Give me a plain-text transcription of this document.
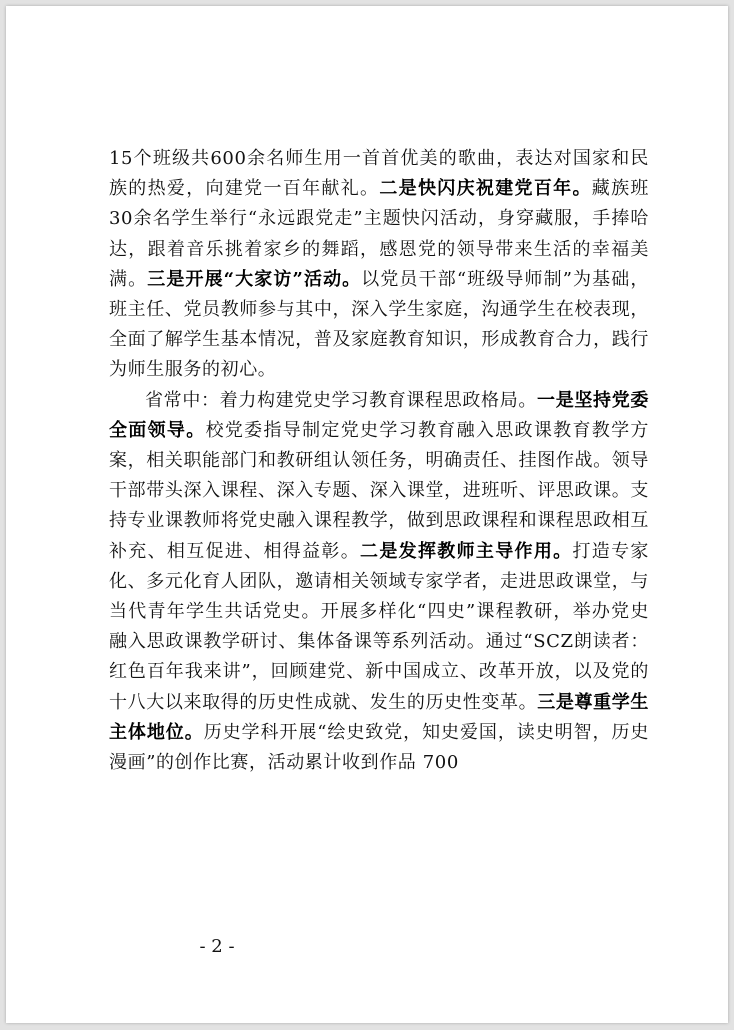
15个班级共600余名师生用一首首优美的歌曲，表达对国家和民族的热爱，向建党一百年献礼。二是快闪庆祝建党百年。藏族班30余名学生举行“永远跟党走”主题快闪活动，身穿藏服，手捧哈达，跟着音乐挑着家乡的舞蹈，感恩党的领导带来生活的幸福美满。三是开展“大家访”活动。以党员干部“班级导师制”为基础，班主任、党员教师参与其中，深入学生家庭，沟通学生在校表现，全面了解学生基本情况，普及家庭教育知识，形成教育合力，践行为师生服务的初心。

省常中：着力构建党史学习教育课程思政格局。一是坚持党委全面领导。校党委指导制定党史学习教育融入思政课教育教学方案，相关职能部门和教研组认领任务，明确责任、挂图作战。领导干部带头深入课程、深入专题、深入课堂，进班听、评思政课。支持专业课教师将党史融入课程教学，做到思政课程和课程思政相互补充、相互促进、相得益彰。二是发挥教师主导作用。打造专家化、多元化育人团队，邀请相关领域专家学者，走进思政课堂，与当代青年学生共话党史。开展多样化“四史”课程教研，举办党史融入思政课教学研讨、集体备课等系列活动。通过“SCZ朗读者：红色百年我来讲”，回顾建党、新中国成立、改革开放，以及党的十八大以来取得的历史性成就、发生的历史性变革。三是尊重学生主体地位。历史学科开展“绘史致党，知史爱国，读史明智，历史漫画”的创作比赛，活动累计收到作品 700

- 2 -
